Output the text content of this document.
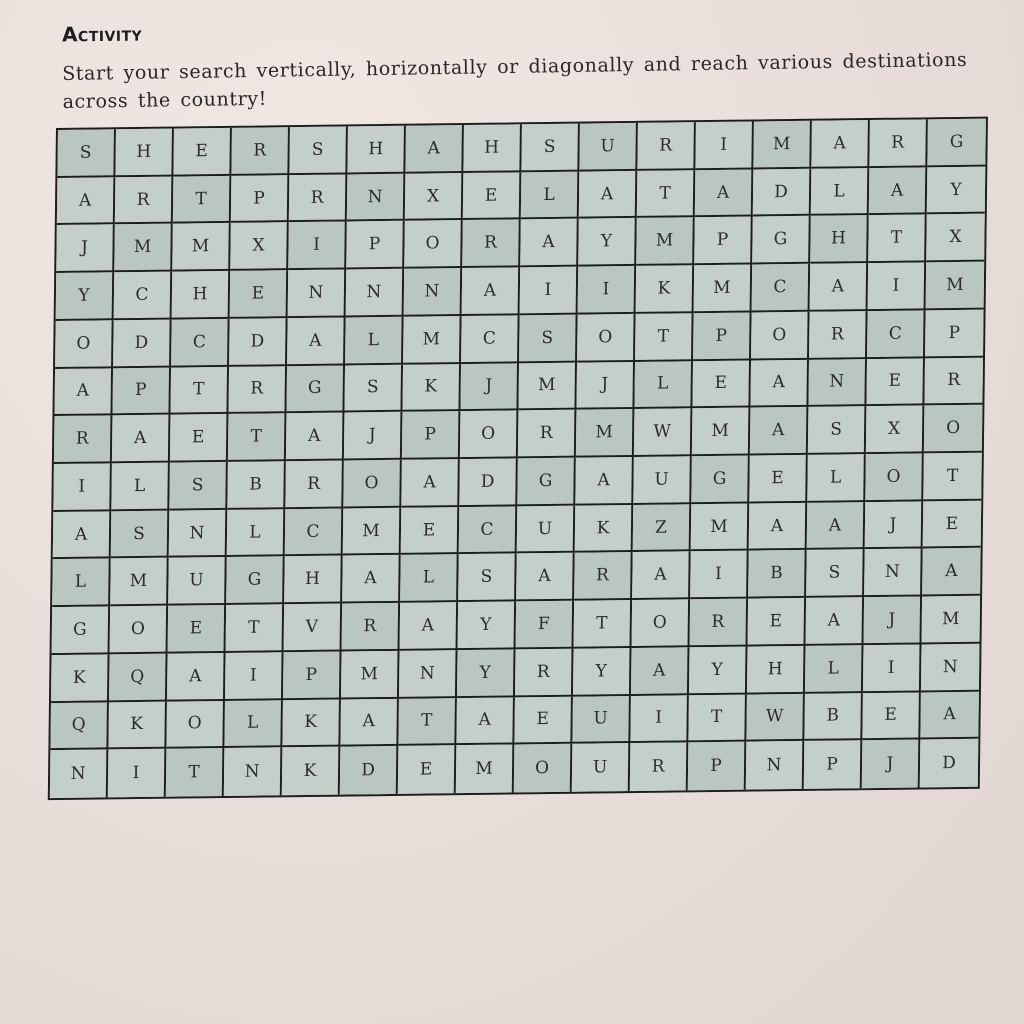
Activity

Start your search vertically, horizontally or diagonally and reach various destinations across the country!

S	H	E	R	S	H	A	H	S	U	R	I	M	A	R	G
A	R	T	P	R	N	X	E	L	A	T	A	D	L	A	Y
J	M	M	X	I	P	O	R	A	Y	M	P	G	H	T	X
Y	C	H	E	N	N	N	A	I	I	K	M	C	A	I	M
O	D	C	D	A	L	M	C	S	O	T	P	O	R	C	P
A	P	T	R	G	S	K	J	M	J	L	E	A	N	E	R
R	A	E	T	A	J	P	O	R	M	W	M	A	S	X	O
I	L	S	B	R	O	A	D	G	A	U	G	E	L	O	T
A	S	N	L	C	M	E	C	U	K	Z	M	A	A	J	E
L	M	U	G	H	A	L	S	A	R	A	I	B	S	N	A
G	O	E	T	V	R	A	Y	F	T	O	R	E	A	J	M
K	Q	A	I	P	M	N	Y	R	Y	A	Y	H	L	I	N
Q	K	O	L	K	A	T	A	E	U	I	T	W	B	E	A
N	I	T	N	K	D	E	M	O	U	R	P	N	P	J	D
